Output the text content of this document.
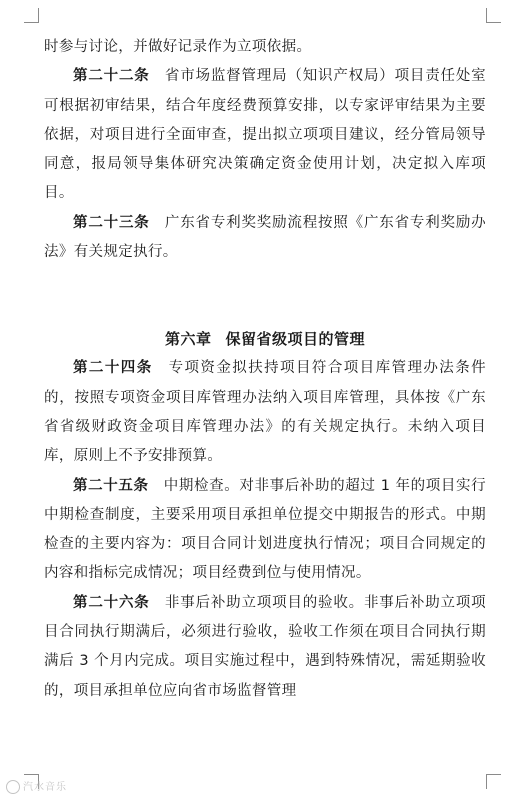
时参与讨论，并做好记录作为立项依据。

第二十二条　 省市场监督管理局（知识产权局）项目责任处室可根据初审结果，结合年度经费预算安排，以专家评审结果为主要依据，对项目进行全面审查，提出拟立项项目建议，经分管局领导同意，报局领导集体研究决策确定资金使用计划，决定拟入库项目。

第二十三条　 广东省专利奖奖励流程按照《广东省专利奖励办法》有关规定执行。

第六章 保留省级项目的管理

第二十四条　 专项资金拟扶持项目符合项目库管理办法条件的，按照专项资金项目库管理办法纳入项目库管理，具体按《广东省省级财政资金项目库管理办法》的有关规定执行。未纳入项目库，原则上不予安排预算。

第二十五条　 中期检查。对非事后补助的超过 1 年的项目实行中期检查制度，主要采用项目承担单位提交中期报告的形式。中期检查的主要内容为：项目合同计划进度执行情况；项目合同规定的内容和指标完成情况；项目经费到位与使用情况。

第二十六条　 非事后补助立项项目的验收。非事后补助立项项目合同执行期满后，必须进行验收，验收工作须在项目合同执行期满后 3 个月内完成。项目实施过程中，遇到特殊情况，需延期验收的，项目承担单位应向省市场监督管理

汽水音乐
